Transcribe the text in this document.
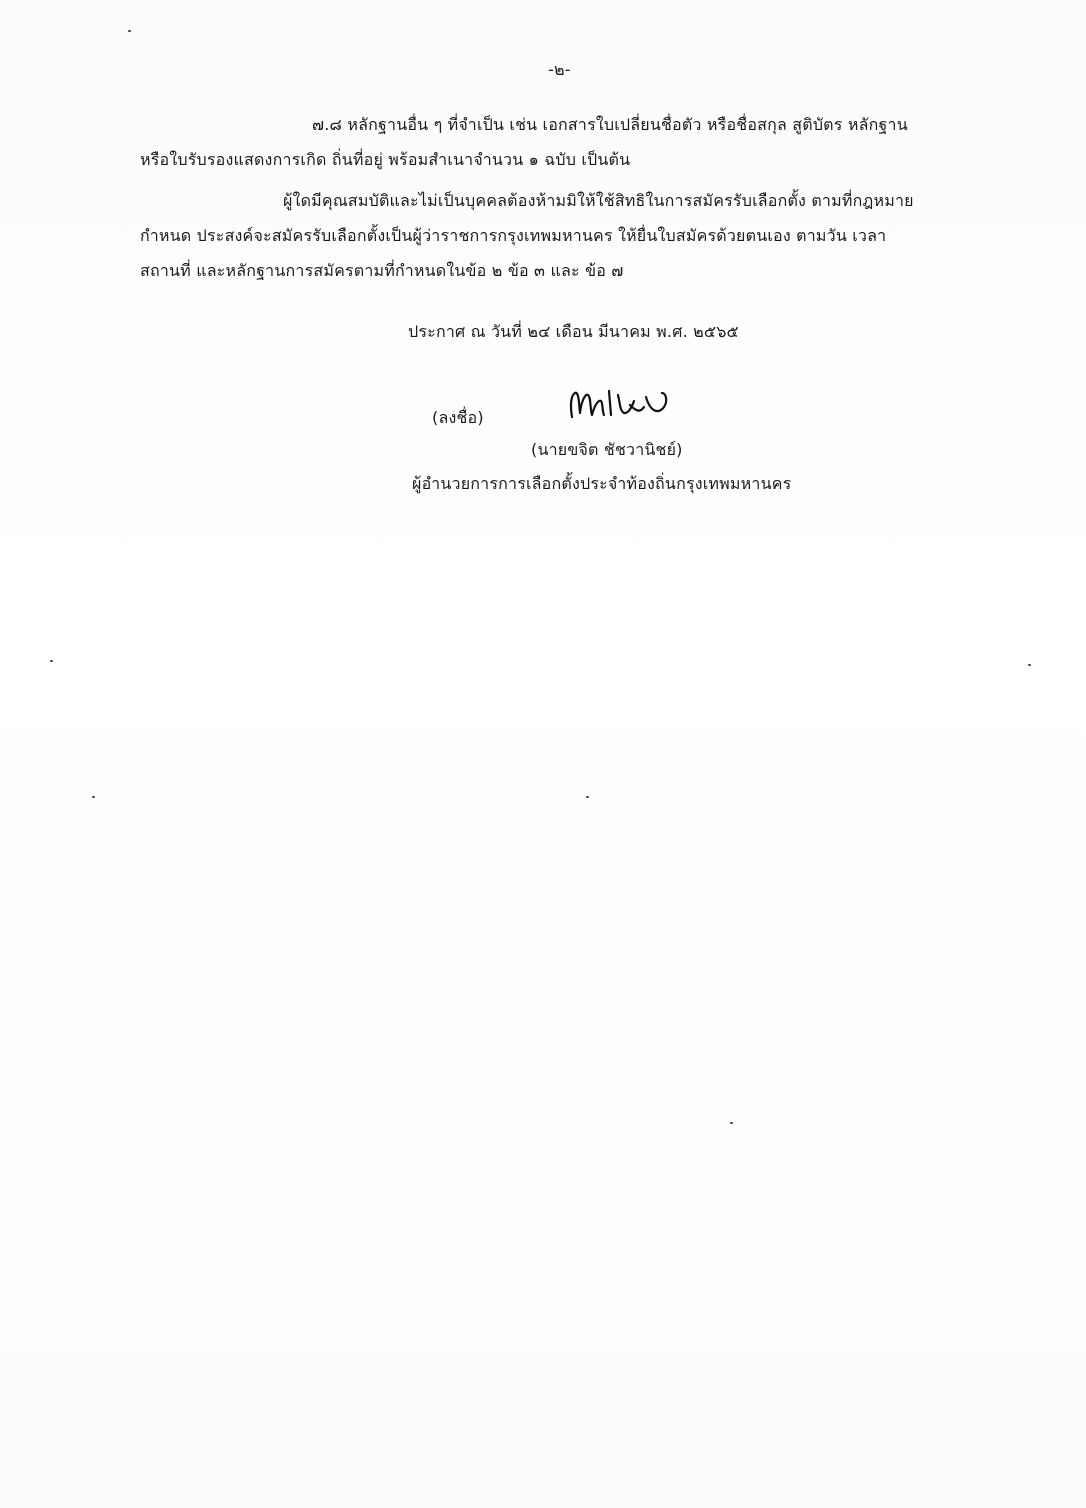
-๒-
๗.๘ หลักฐานอื่น ๆ ที่จำเป็น เช่น เอกสารใบเปลี่ยนชื่อตัว หรือชื่อสกุล สูติบัตร หลักฐาน
หรือใบรับรองแสดงการเกิด ถิ่นที่อยู่ พร้อมสำเนาจำนวน ๑ ฉบับ เป็นต้น
ผู้ใดมีคุณสมบัติและไม่เป็นบุคคลต้องห้ามมิให้ใช้สิทธิในการสมัครรับเลือกตั้ง ตามที่กฎหมาย
กำหนด ประสงค์จะสมัครรับเลือกตั้งเป็นผู้ว่าราชการกรุงเทพมหานคร ให้ยื่นใบสมัครด้วยตนเอง ตามวัน เวลา
สถานที่ และหลักฐานการสมัครตามที่กำหนดในข้อ ๒ ข้อ ๓ และ ข้อ ๗
ประกาศ ณ วันที่ ๒๔ เดือน มีนาคม พ.ศ. ๒๕๖๕
(ลงชื่อ)
(นายขจิต ชัชวานิชย์)
ผู้อำนวยการการเลือกตั้งประจำท้องถิ่นกรุงเทพมหานคร
